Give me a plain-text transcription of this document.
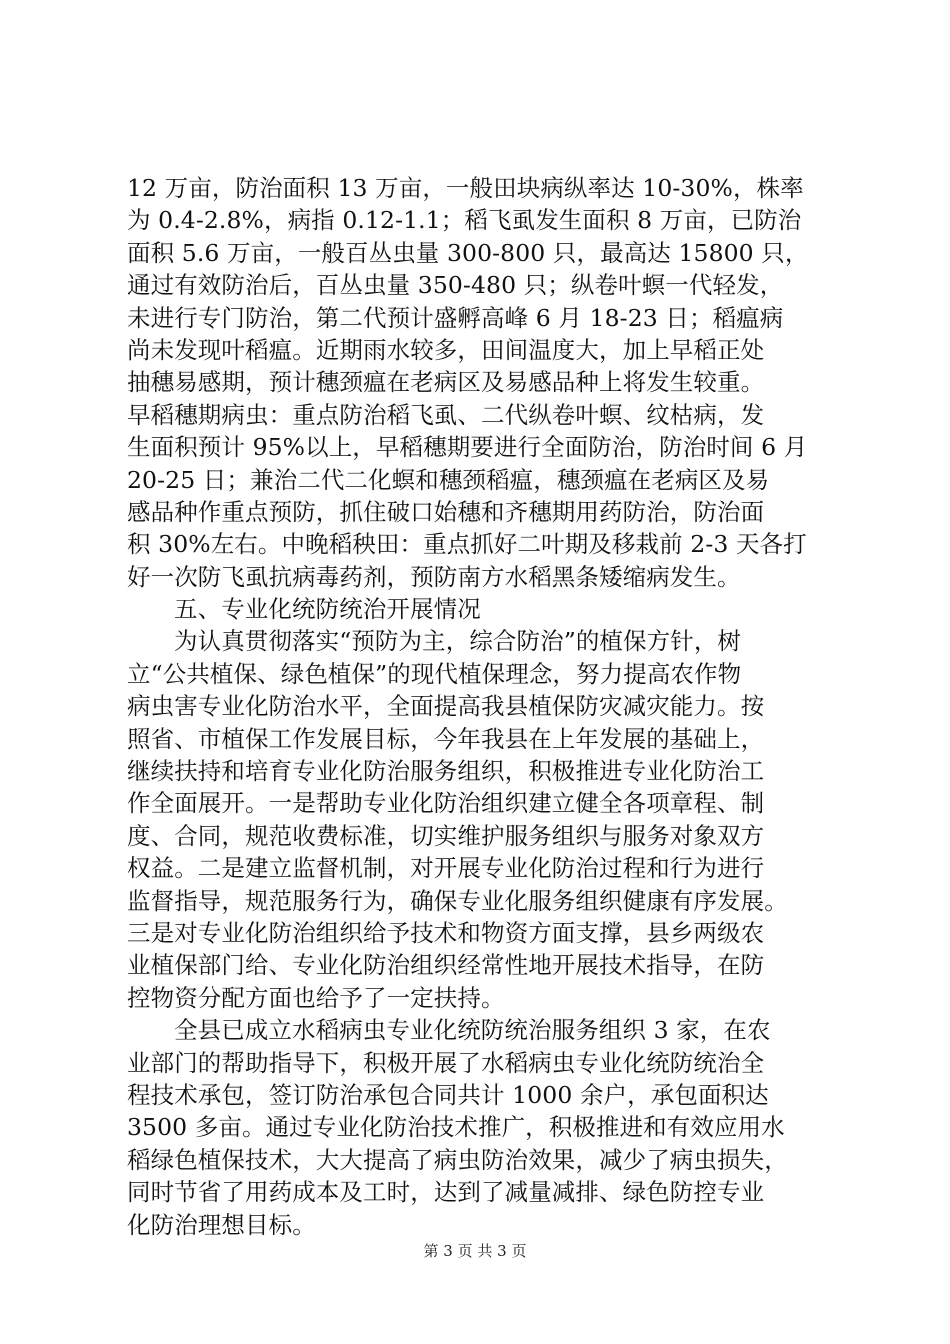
12 万亩，防治面积 13 万亩，一般田块病纵率达 10-30%，株率
为 0.4-2.8%，病指 0.12-1.1；稻飞虱发生面积 8 万亩，已防治
面积 5.6 万亩，一般百丛虫量 300-800 只，最高达 15800 只，
通过有效防治后，百丛虫量 350-480 只；纵卷叶螟一代轻发，
未进行专门防治，第二代预计盛孵高峰 6 月 18-23 日；稻瘟病
尚未发现叶稻瘟。近期雨水较多，田间温度大，加上早稻正处
抽穗易感期，预计穗颈瘟在老病区及易感品种上将发生较重。
早稻穗期病虫：重点防治稻飞虱、二代纵卷叶螟、纹枯病，发
生面积预计 95%以上，早稻穗期要进行全面防治，防治时间 6 月
20-25 日；兼治二代二化螟和穗颈稻瘟，穗颈瘟在老病区及易
感品种作重点预防，抓住破口始穗和齐穗期用药防治，防治面
积 30%左右。中晚稻秧田：重点抓好二叶期及移栽前 2-3 天各打
好一次防飞虱抗病毒药剂，预防南方水稻黑条矮缩病发生。
五、专业化统防统治开展情况
为认真贯彻落实“预防为主，综合防治”的植保方针，树
立“公共植保、绿色植保”的现代植保理念，努力提高农作物
病虫害专业化防治水平，全面提高我县植保防灾减灾能力。按
照省、市植保工作发展目标，今年我县在上年发展的基础上，
继续扶持和培育专业化防治服务组织，积极推进专业化防治工
作全面展开。一是帮助专业化防治组织建立健全各项章程、制
度、合同，规范收费标准，切实维护服务组织与服务对象双方
权益。二是建立监督机制，对开展专业化防治过程和行为进行
监督指导，规范服务行为，确保专业化服务组织健康有序发展。
三是对专业化防治组织给予技术和物资方面支撑，县乡两级农
业植保部门给、专业化防治组织经常性地开展技术指导，在防
控物资分配方面也给予了一定扶持。
全县已成立水稻病虫专业化统防统治服务组织 3 家，在农
业部门的帮助指导下，积极开展了水稻病虫专业化统防统治全
程技术承包，签订防治承包合同共计 1000 余户，承包面积达
3500 多亩。通过专业化防治技术推广，积极推进和有效应用水
稻绿色植保技术，大大提高了病虫防治效果，减少了病虫损失，
同时节省了用药成本及工时，达到了减量减排、绿色防控专业
化防治理想目标。
第 3 页 共 3 页
